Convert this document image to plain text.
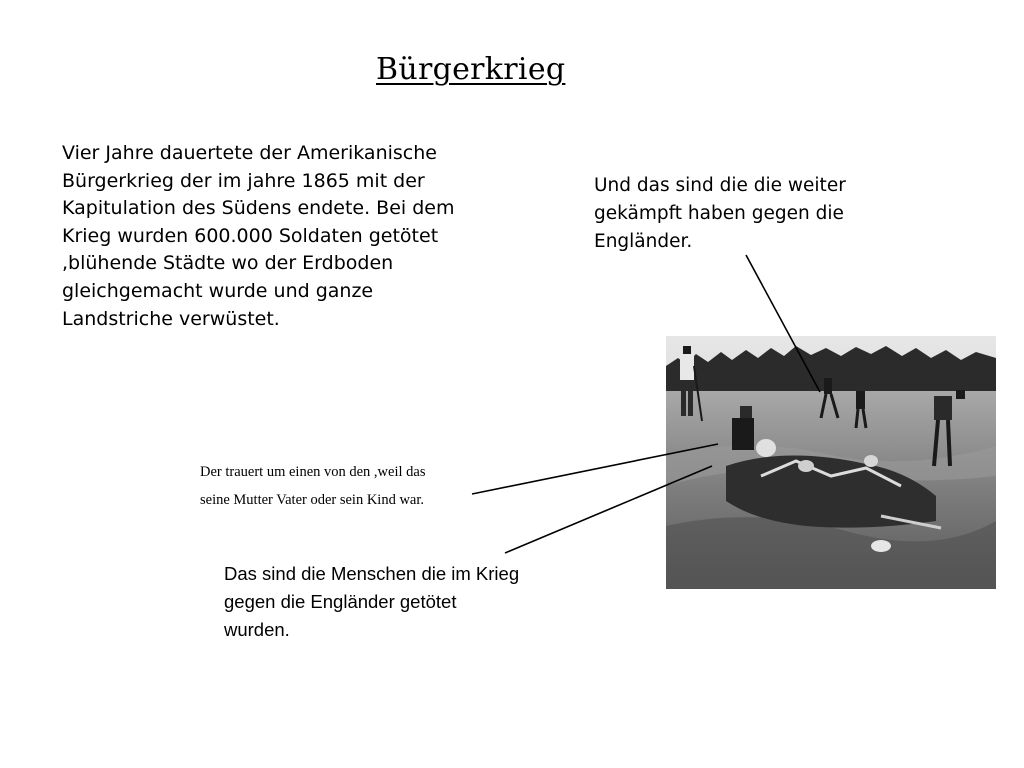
Bürgerkrieg
Vier Jahre dauertete der Amerikanische Bürgerkrieg der im jahre 1865 mit der Kapitulation des Südens endete. Bei dem Krieg wurden 600.000 Soldaten getötet ,blühende Städte wo der Erdboden gleichgemacht wurde und ganze Landstriche verwüstet.
Und das sind die die weiter gekämpft haben gegen die Engländer.
Der trauert um einen von den ,weil das
seine Mutter Vater oder sein Kind war.
Das sind die Menschen die im Krieg
gegen die Engländer getötet
wurden.
